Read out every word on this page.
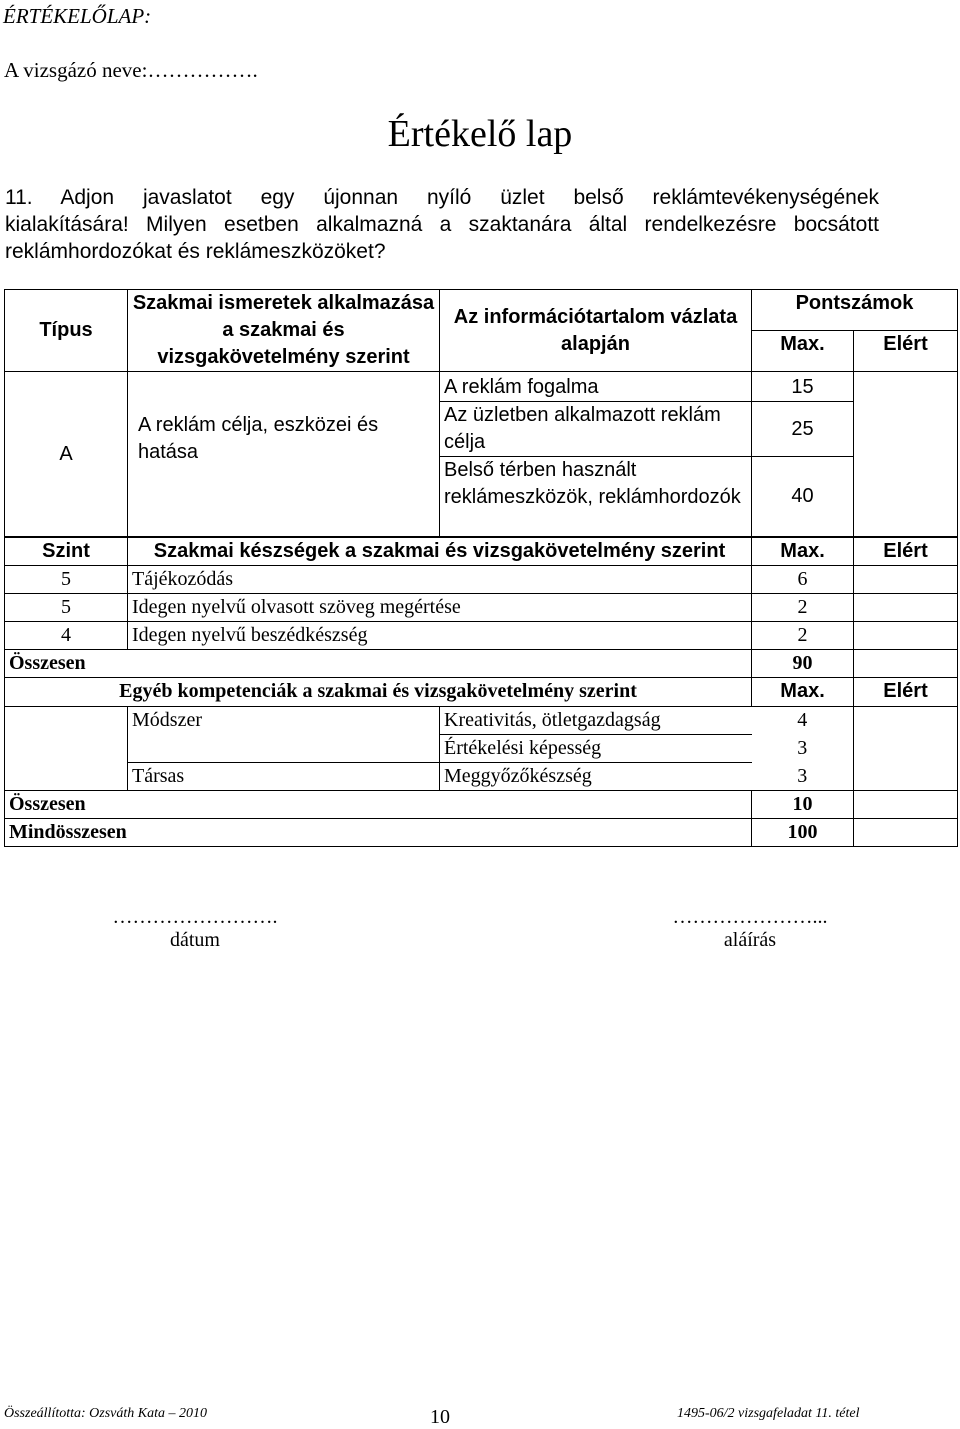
ÉRTÉKELŐLAP:
A vizsgázó neve:…………….
Értékelő lap
11. Adjon javaslatot egy újonnan nyíló üzlet belső reklámtevékenységének
kialakítására! Milyen esetben alkalmazná a szaktanára által rendelkezésre bocsátott
reklámhordozókat és reklámeszközöket?
Típus	Szakmai ismeretek alkalmazása a szakmai és vizsgakövetelmény szerint	Az információtartalom vázlata alapján	Pontszámok	
			Max.	Elért
A	A reklám célja, eszközei és hatása	A reklám fogalma	15	
		Az üzletben alkalmazott reklám célja	25	
		Belső térben használt reklámeszközök, reklámhordozók	40	
Szint	Szakmai készségek a szakmai és vizsgakövetelmény szerint		Max.	Elért
5	Tájékozódás		6	
5	Idegen nyelvű olvasott szöveg megértése		2	
4	Idegen nyelvű beszédkészség		2	
Összesen			90	
Egyéb kompetenciák a szakmai és vizsgakövetelmény szerint			Max.	Elért
	Módszer	Kreativitás, ötletgazdagság	4	
		Értékelési képesség	3	
	Társas	Meggyőzőkészség	3	
Összesen			10	
Mindösszesen			100	
…………………….
dátum
…………………...
aláírás
Összeállította: Ozsváth Kata – 2010	10	1495-06/2 vizsgafeladat 11. tétel
